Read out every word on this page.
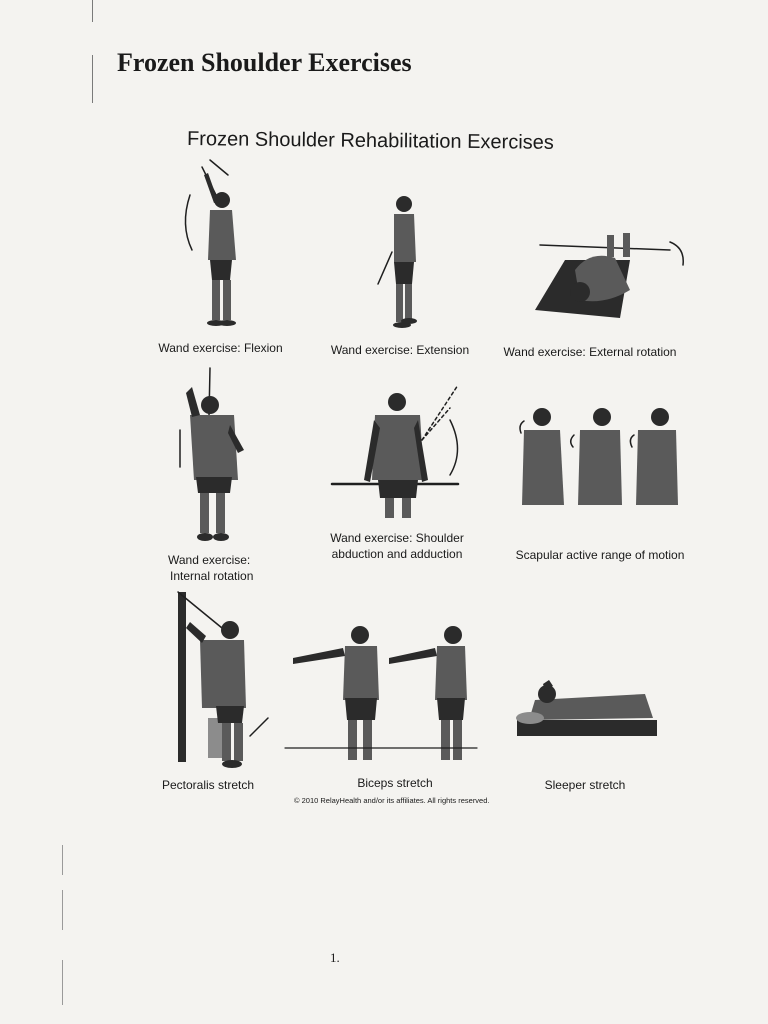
Frozen Shoulder Exercises
Frozen Shoulder Rehabilitation Exercises
Wand exercise: Flexion	Wand exercise: Extension	Wand exercise: External rotation
Wand exercise:
Internal rotation
Wand exercise: Shoulder
abduction and adduction	Scapular active range of motion
Pectoralis stretch	Biceps stretch	Sleeper stretch
© 2010 RelayHealth and/or its affiliates. All rights reserved.
1.
